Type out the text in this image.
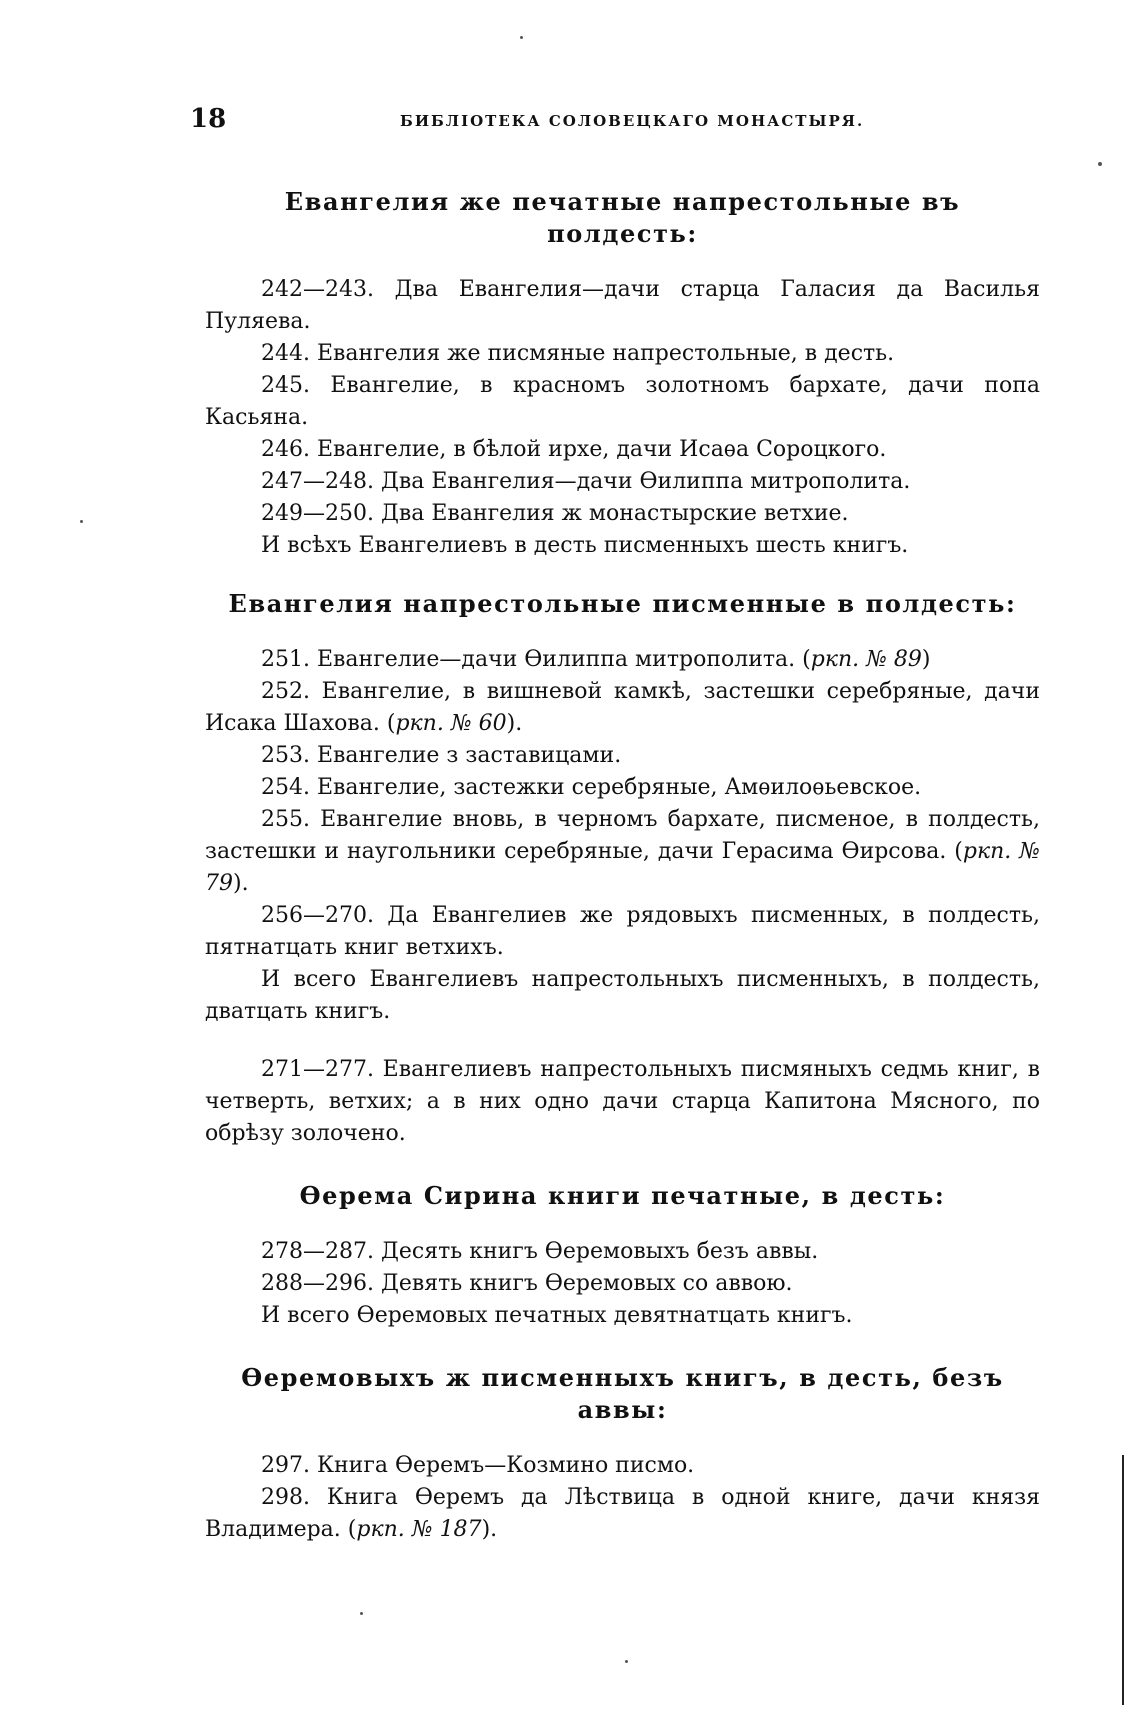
18	БИБЛІОТЕКА СОЛОВЕЦКАГО МОНАСТЫРЯ.
Евангелия же печатные напрестольные въ полдесть:

242—243. Два Евангелия—дачи старца Галасия да Василья Пуляева.

244. Евангелия же писмяные напрестольные, в десть.

245. Евангелие, в красномъ золотномъ бархате, дачи попа Касьяна.

246. Евангелие, в бѣлой ирхе, дачи Исаѳа Сороцкого.

247—248. Два Евангелия—дачи Ѳилиппа митрополита.

249—250. Два Евангелия ж монастырские ветхие.

И всѣхъ Евангелиевъ в десть писменныхъ шесть книгъ.

Евангелия напрестольные писменные в полдесть:

251. Евангелие—дачи Ѳилиппа митрополита. (ркп. № 89)

252. Евангелие, в вишневой камкѣ, застешки серебряные, дачи Исака Шахова. (ркп. № 60).

253. Евангелие з заставицами.

254. Евангелие, застежки серебряные, Амѳилоѳьевское.

255. Евангелие вновь, в черномъ бархате, писменое, в полдесть, застешки и наугольники серебряные, дачи Герасима Ѳирсова. (ркп. № 79).

256—270. Да Евангелиев же рядовыхъ писменных, в полдесть, пятнатцать книг ветхихъ.

И всего Евангелиевъ напрестольныхъ писменныхъ, в полдесть, дватцать книгъ.

271—277. Евангелиевъ напрестольныхъ писмяныхъ седмь книг, в четверть, ветхих; а в них одно дачи старца Капитона Мясного, по обрѣзу золочено.

Ѳерема Сирина книги печатные, в десть:

278—287. Десять книгъ Ѳеремовыхъ безъ аввы.

288—296. Девять книгъ Ѳеремовых со аввою.

И всего Ѳеремовых печатных девятнатцать книгъ.

Ѳеремовыхъ ж писменныхъ книгъ, в десть, безъ аввы:

297. Книга Ѳеремъ—Козмино писмо.

298. Книга Ѳеремъ да Лѣствица в одной книге, дачи князя Владимера. (ркп. № 187).
